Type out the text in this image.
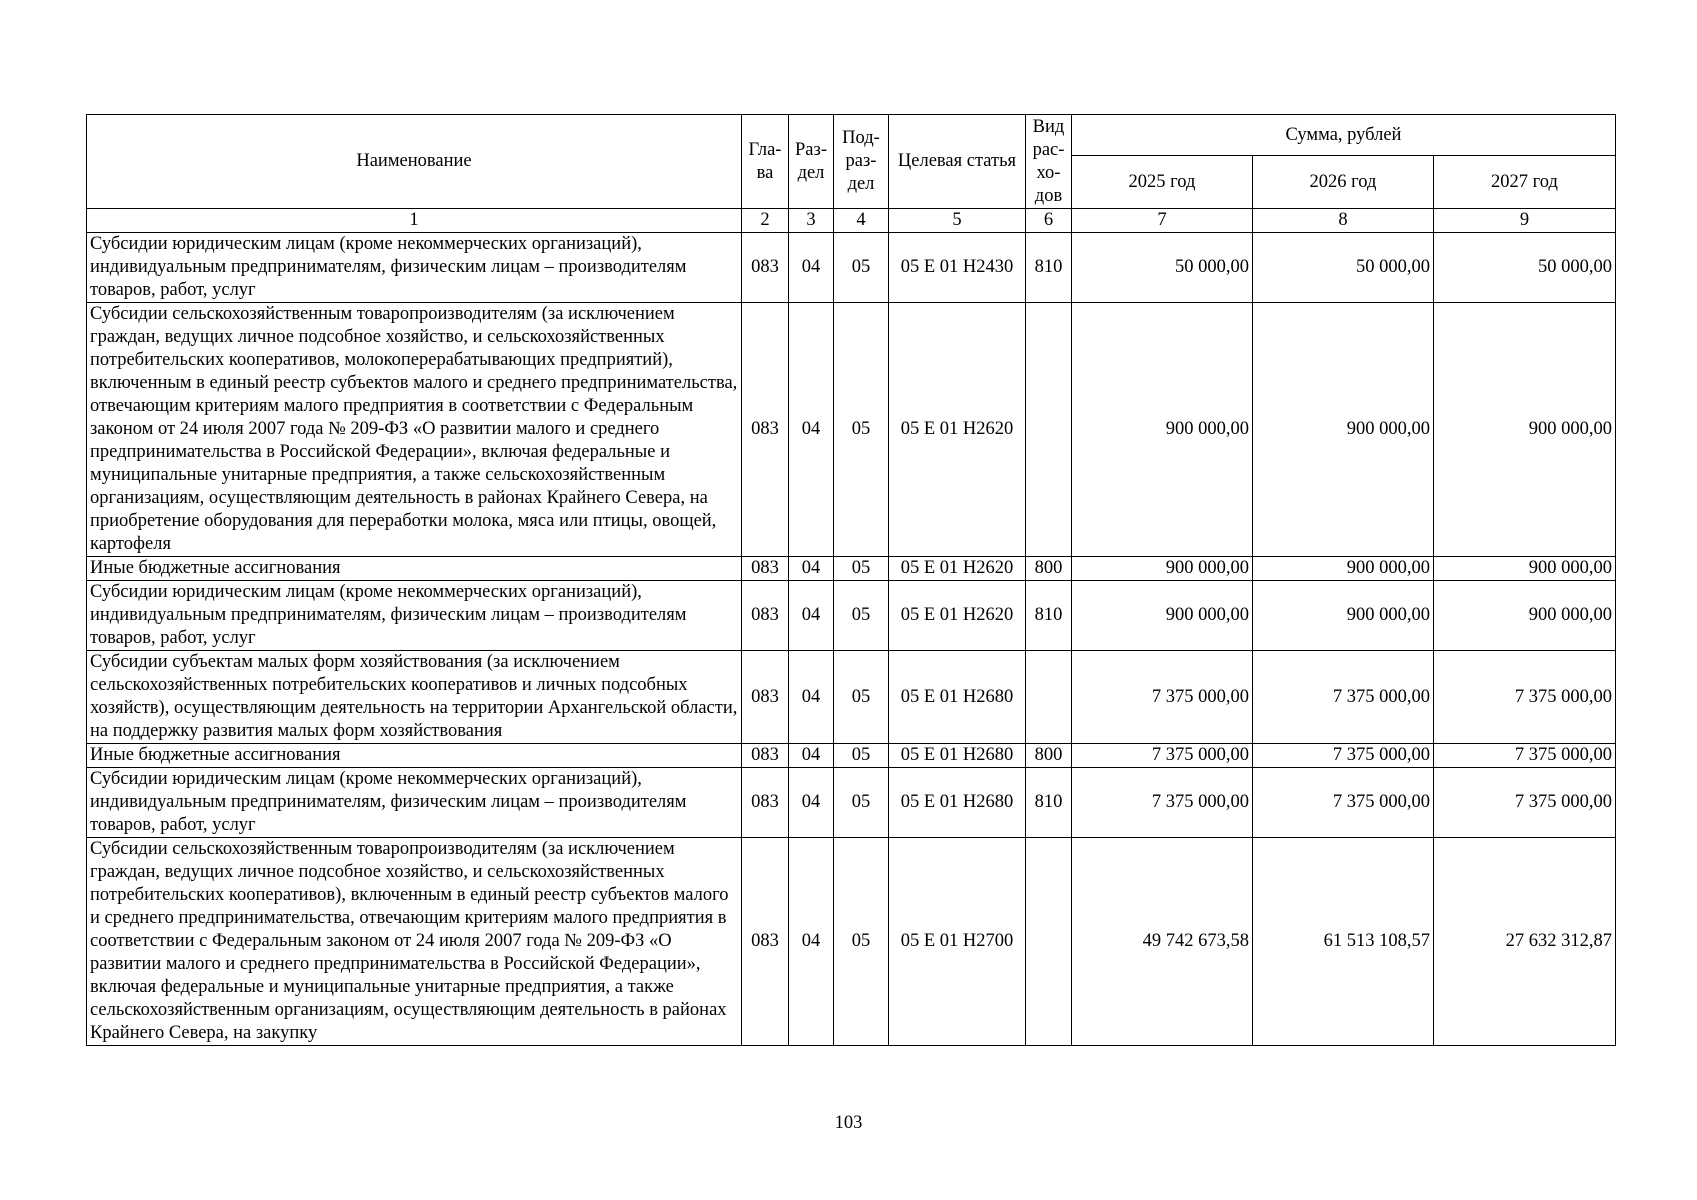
Наименование	Гла-ва	Раз-дел	Под-раз-дел	Целевая статья	Вид рас-хо-дов	Сумма, рублей		
						2025 год	2026 год	2027 год
1	2	3	4	5	6	7	8	9
Субсидии юридическим лицам (кроме некоммерческих организаций), индивидуальным предпринимателям, физическим лицам – производителям товаров, работ, услуг	083	04	05	05 Е 01 Н2430	810	50 000,00	50 000,00	50 000,00
Субсидии сельскохозяйственным товаропроизводителям (за исключением граждан, ведущих личное подсобное хозяйство, и сельскохозяйственных потребительских кооперативов, молокоперерабатывающих предприятий), включенным в единый реестр субъектов малого и среднего предпринимательства, отвечающим критериям малого предприятия в соответствии с Федеральным законом от 24 июля 2007 года № 209-ФЗ «О развитии малого и среднего предпринимательства в Российской Федерации», включая федеральные и муниципальные унитарные предприятия, а также сельскохозяйственным организациям, осуществляющим деятельность в районах Крайнего Севера, на приобретение оборудования для переработки молока, мяса или птицы, овощей, картофеля	083	04	05	05 Е 01 Н2620		900 000,00	900 000,00	900 000,00
Иные бюджетные ассигнования	083	04	05	05 Е 01 Н2620	800	900 000,00	900 000,00	900 000,00
Субсидии юридическим лицам (кроме некоммерческих организаций), индивидуальным предпринимателям, физическим лицам – производителям товаров, работ, услуг	083	04	05	05 Е 01 Н2620	810	900 000,00	900 000,00	900 000,00
Субсидии субъектам малых форм хозяйствования (за исключением сельскохозяйственных потребительских кооперативов и личных подсобных хозяйств), осуществляющим деятельность на территории Архангельской области, на поддержку развития малых форм хозяйствования	083	04	05	05 Е 01 Н2680		7 375 000,00	7 375 000,00	7 375 000,00
Иные бюджетные ассигнования	083	04	05	05 Е 01 Н2680	800	7 375 000,00	7 375 000,00	7 375 000,00
Субсидии юридическим лицам (кроме некоммерческих организаций), индивидуальным предпринимателям, физическим лицам – производителям товаров, работ, услуг	083	04	05	05 Е 01 Н2680	810	7 375 000,00	7 375 000,00	7 375 000,00
Субсидии сельскохозяйственным товаропроизводителям (за исключением граждан, ведущих личное подсобное хозяйство, и сельскохозяйственных потребительских кооперативов), включенным в единый реестр субъектов малого и среднего предпринимательства, отвечающим критериям малого предприятия в соответствии с Федеральным законом от 24 июля 2007 года № 209-ФЗ «О развитии малого и среднего предпринимательства в Российской Федерации», включая федеральные и муниципальные унитарные предприятия, а также сельскохозяйственным организациям, осуществляющим деятельность в районах Крайнего Севера, на закупку	083	04	05	05 Е 01 Н2700		49 742 673,58	61 513 108,57	27 632 312,87
103
